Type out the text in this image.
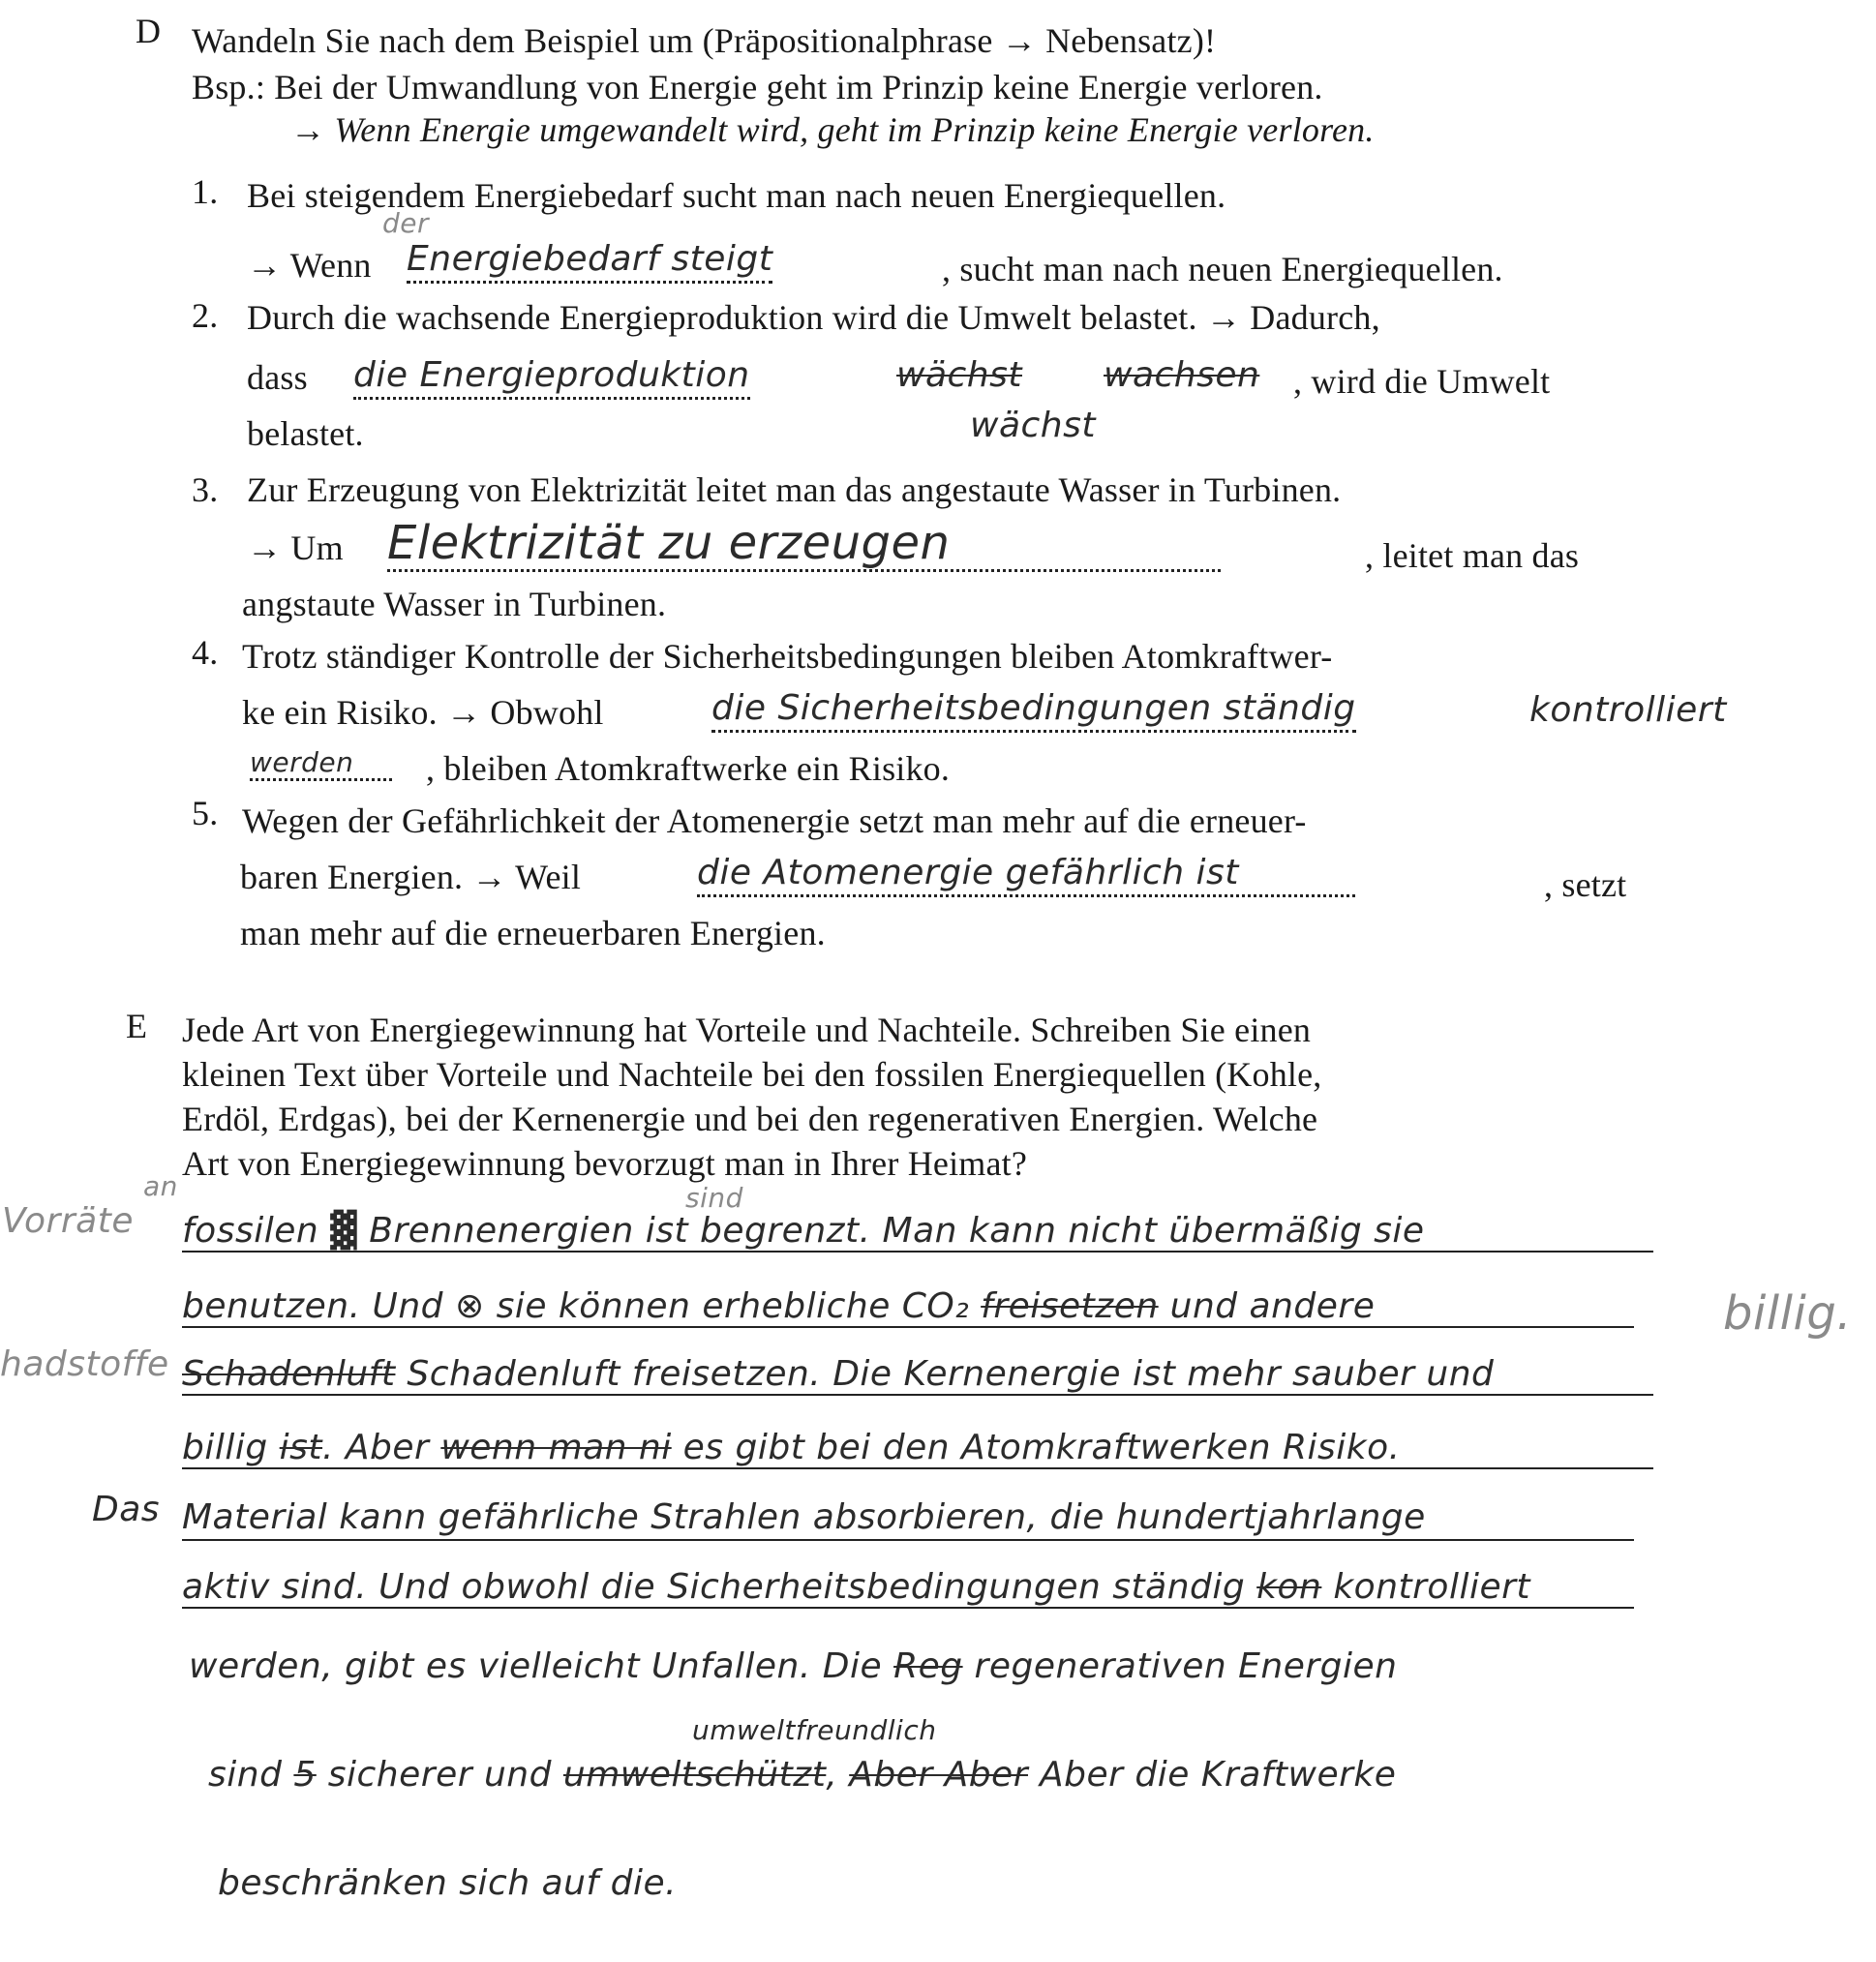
D Wandeln Sie nach dem Beispiel um (Präpositionalphrase → Nebensatz)!
Bsp.: Bei der Umwandlung von Energie geht im Prinzip keine Energie verloren.
→ Wenn Energie umgewandelt wird, geht im Prinzip keine Energie verloren.
1. Bei steigendem Energiebedarf sucht man nach neuen Energiequellen.
der
→ Wenn Energiebedarf steigt	, sucht man nach neuen Energiequellen.
2. Durch die wachsende Energieproduktion wird die Umwelt belastet. → Dadurch,
dass die Energieproduktion	wächst wachsen , wird die Umwelt
belastet.	wächst
3. Zur Erzeugung von Elektrizität leitet man das angestaute Wasser in Turbinen.
→ Um Elektrizität zu erzeugen	, leitet man das
angstaute Wasser in Turbinen.
4. Trotz ständiger Kontrolle der Sicherheitsbedingungen bleiben Atomkraftwer-
ke ein Risiko. → Obwohl	die Sicherheitsbedingungen ständig	kontrolliert
werden	, bleiben Atomkraftwerke ein Risiko.
5. Wegen der Gefährlichkeit der Atomenergie setzt man mehr auf die erneuer-
baren Energien. → Weil	die Atomenergie gefährlich ist	, setzt
man mehr auf die erneuerbaren Energien.
E Jede Art von Energiegewinnung hat Vorteile und Nachteile. Schreiben Sie einen
kleinen Text über Vorteile und Nachteile bei den fossilen Energiequellen (Kohle,
Erdöl, Erdgas), bei der Kernenergie und bei den regenerativen Energien. Welche
Art von Energiegewinnung bevorzugt man in Ihrer Heimat?
Vorräte
an	sind
hadstoffe
Das
billig.
fossilen ▓ Brennenergien ist begrenzt. Man kann nicht übermäßig sie
benutzen. Und ⊗ sie können erhebliche CO₂ freisetzen und andere
Schadenluft Schadenluft freisetzen. Die Kernenergie ist mehr sauber und
billig ist. Aber wenn man ni es gibt bei den Atomkraftwerken Risiko.
Material kann gefährliche Strahlen absorbieren, die hundertjahrlange
aktiv sind. Und obwohl die Sicherheitsbedingungen ständig kon kontrolliert
werden, gibt es vielleicht Unfallen. Die Reg regenerativen Energien
umweltfreundlich
sind 5 sicherer und umweltschützt, Aber Aber Aber die Kraftwerke
beschränken sich auf die.
